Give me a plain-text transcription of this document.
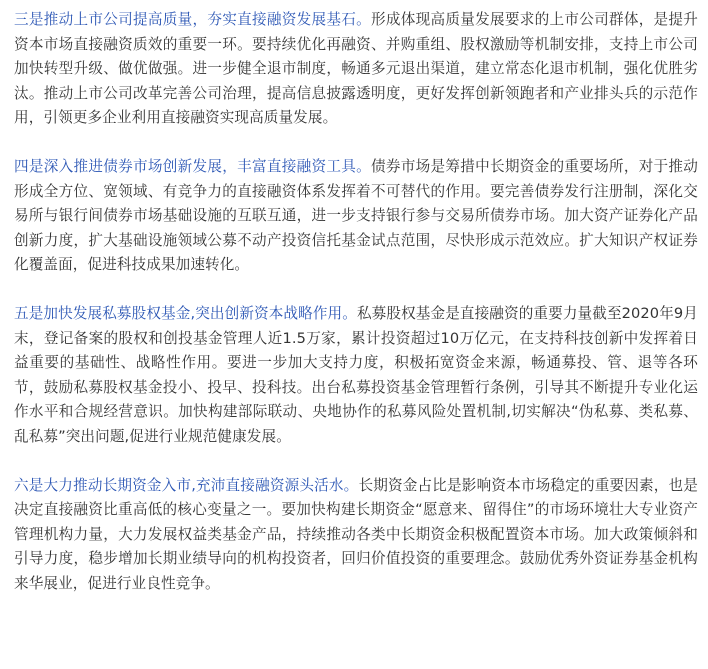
三是推动上市公司提高质量，夯实直接融资发展基石。形成体现高质量发展要求的上市公司群体，是提升资本市场直接融资质效的重要一环。要持续优化再融资、并购重组、股权激励等机制安排，支持上市公司加快转型升级、做优做强。进一步健全退市制度，畅通多元退出渠道，建立常态化退市机制，强化优胜劣汰。推动上市公司改革完善公司治理，提高信息披露透明度，更好发挥创新领跑者和产业排头兵的示范作用，引领更多企业利用直接融资实现高质量发展。

四是深入推进债券市场创新发展，丰富直接融资工具。债券市场是筹措中长期资金的重要场所，对于推动形成全方位、宽领域、有竞争力的直接融资体系发挥着不可替代的作用。要完善债券发行注册制，深化交易所与银行间债券市场基础设施的互联互通，进一步支持银行参与交易所债券市场。加大资产证券化产品创新力度，扩大基础设施领域公募不动产投资信托基金试点范围，尽快形成示范效应。扩大知识产权证券化覆盖面，促进科技成果加速转化。

五是加快发展私募股权基金,突出创新资本战略作用。私募股权基金是直接融资的重要力量截至2020年9月末，登记备案的股权和创投基金管理人近1.5万家，累计投资超过10万亿元，在支持科技创新中发挥着日益重要的基础性、战略性作用。要进一步加大支持力度，积极拓宽资金来源，畅通募投、管、退等各环节，鼓励私募股权基金投小、投早、投科技。出台私募投资基金管理暂行条例，引导其不断提升专业化运作水平和合规经营意识。加快构建部际联动、央地协作的私募风险处置机制,切实解决“伪私募、类私募、乱私募”突出问题,促进行业规范健康发展。

六是大力推动长期资金入市,充沛直接融资源头活水。长期资金占比是影响资本市场稳定的重要因素，也是决定直接融资比重高低的核心变量之一。要加快构建长期资金“愿意来、留得住”的市场环境壮大专业资产管理机构力量，大力发展权益类基金产品，持续推动各类中长期资金积极配置资本市场。加大政策倾斜和引导力度，稳步增加长期业绩导向的机构投资者，回归价值投资的重要理念。鼓励优秀外资证券基金机构来华展业，促进行业良性竞争。
